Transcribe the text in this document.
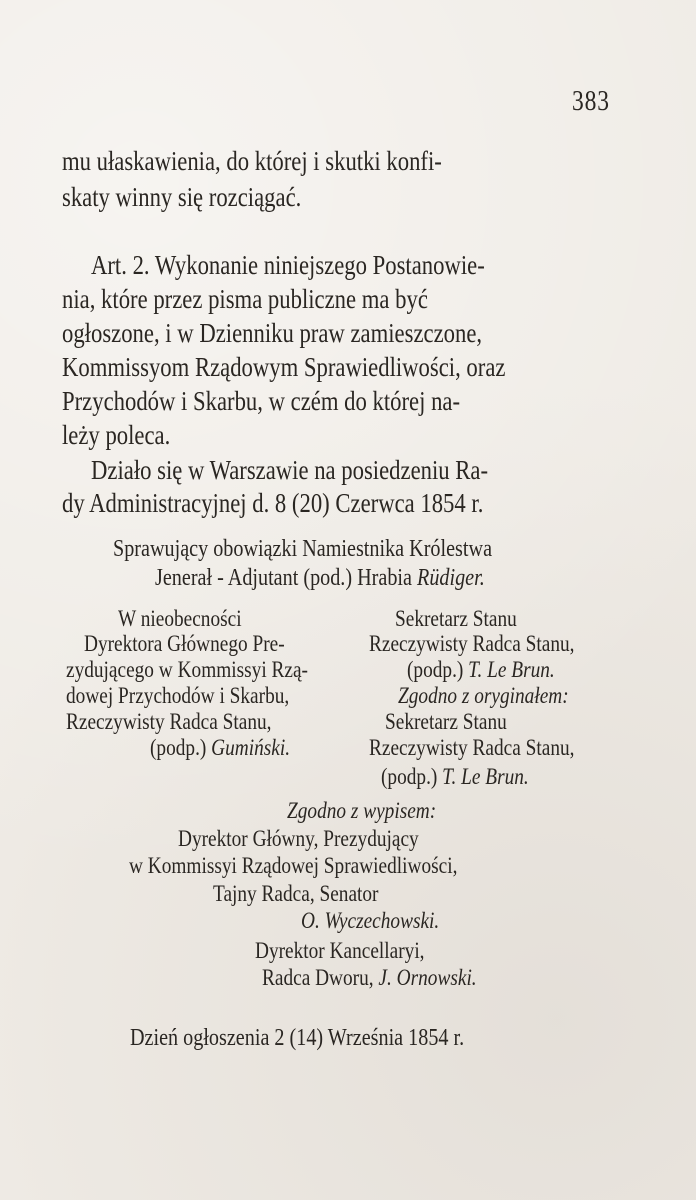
383
mu ułaskawienia, do której i skutki konfi-
skaty winny się rozciągać.
Art. 2. Wykonanie niniejszego Postanowie-
nia, które przez pisma publiczne ma być
ogłoszone, i w Dzienniku praw zamieszczone,
Kommissyom Rządowym Sprawiedliwości, oraz
Przychodów i Skarbu, w czém do której na-
leży poleca.
Działo się w Warszawie na posiedzeniu Ra-
dy Administracyjnej d. 8 (20) Czerwca 1854 r.
Sprawujący obowiązki Namiestnika Królestwa
Jenerał - Adjutant (pod.) Hrabia Rüdiger.
W nieobecności
Dyrektora Głównego Pre-
zydującego w Kommissyi Rzą-
dowej Przychodów i Skarbu,
Rzeczywisty Radca Stanu,
(podp.) Gumiński.
Sekretarz Stanu
Rzeczywisty Radca Stanu,
(podp.) T. Le Brun.
Zgodno z oryginałem:
Sekretarz Stanu
Rzeczywisty Radca Stanu,
(podp.) T. Le Brun.
Zgodno z wypisem:
Dyrektor Główny, Prezydujący
w Kommissyi Rządowej Sprawiedliwości,
Tajny Radca, Senator
O. Wyczechowski.
Dyrektor Kancellaryi,
Radca Dworu, J. Ornowski.
Dzień ogłoszenia 2 (14) Września 1854 r.
